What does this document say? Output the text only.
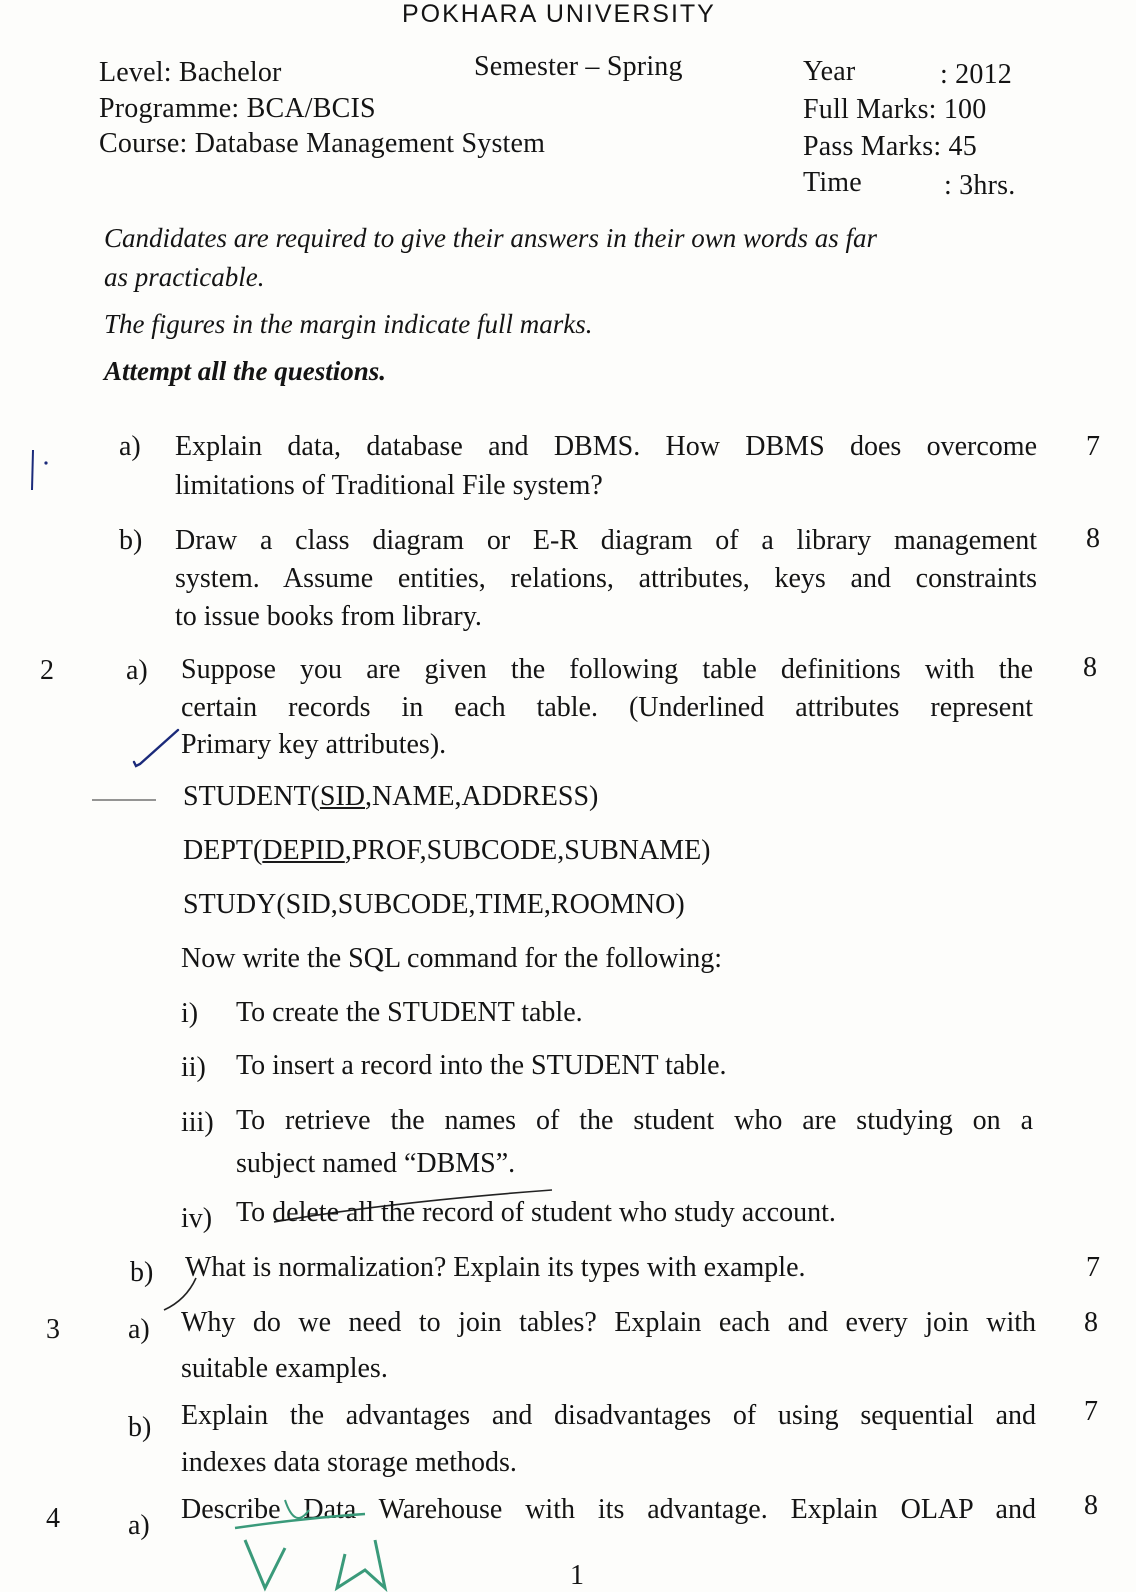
POKHARA UNIVERSITY
Level: Bachelor	Semester – Spring	Year	: 2012
Programme: BCA/BCIS	Full Marks: 100
Course: Database Management System	Pass Marks: 45
Time	: 3hrs.
Candidates are required to give their answers in their own words as far
as practicable.
The figures in the margin indicate full marks.
Attempt all the questions.
a) Explain data, database and DBMS. How DBMS does overcome
limitations of Traditional File system?
7
b) Draw a class diagram or E-R diagram of a library management
system. Assume entities, relations, attributes, keys and constraints
to issue books from library.
8
2	a) Suppose you are given the following table definitions with the
certain records in each table. (Underlined attributes represent
Primary key attributes).
8
STUDENT(SID,NAME,ADDRESS)
DEPT(DEPID,PROF,SUBCODE,SUBNAME)
STUDY(SID,SUBCODE,TIME,ROOMNO)
Now write the SQL command for the following:
i) To create the STUDENT table.
ii) To insert a record into the STUDENT table.
iii) To retrieve the names of the student who are studying on a
subject named “DBMS”.
iv) To delete all the record of student who study account.
b) What is normalization? Explain its types with example.	7
3 a) Why do we need to join tables? Explain each and every join with
suitable examples.
8
b) Explain the advantages and disadvantages of using sequential and
indexes data storage methods.
7
4 a)
Describe Data Warehouse with its advantage. Explain OLAP and 8
1
